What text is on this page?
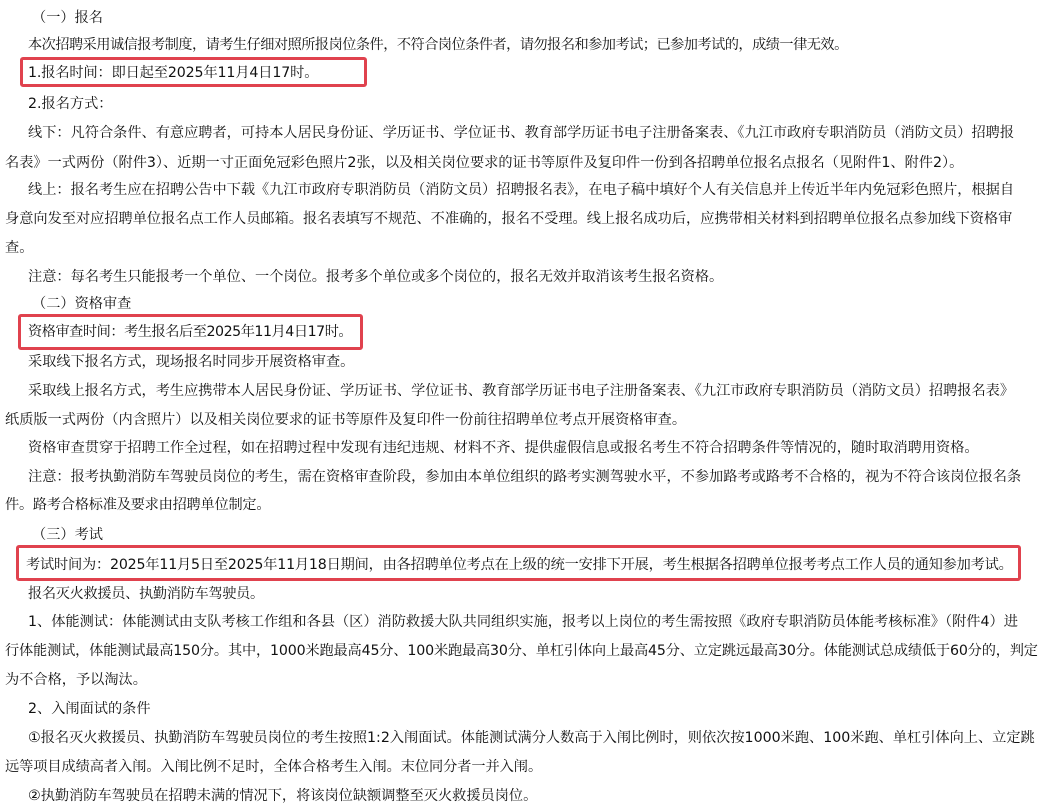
（一）报名
本次招聘采用诚信报考制度，请考生仔细对照所报岗位条件，不符合岗位条件者，请勿报名和参加考试；已参加考试的，成绩一律无效。
1.报名时间：即日起至2025年11月4日17时。
2.报名方式：
线下：凡符合条件、有意应聘者，可持本人居民身份证、学历证书、学位证书、教育部学历证书电子注册备案表、《九江市政府专职消防员（消防文员）招聘报
名表》一式两份（附件3）、近期一寸正面免冠彩色照片2张，以及相关岗位要求的证书等原件及复印件一份到各招聘单位报名点报名（见附件1、附件2）。
线上：报名考生应在招聘公告中下载《九江市政府专职消防员（消防文员）招聘报名表》，在电子稿中填好个人有关信息并上传近半年内免冠彩色照片，根据自
身意向发至对应招聘单位报名点工作人员邮箱。报名表填写不规范、不准确的，报名不受理。线上报名成功后，应携带相关材料到招聘单位报名点参加线下资格审
查。
注意：每名考生只能报考一个单位、一个岗位。报考多个单位或多个岗位的，报名无效并取消该考生报名资格。
（二）资格审查
资格审查时间：考生报名后至2025年11月4日17时。
采取线下报名方式，现场报名时同步开展资格审查。
采取线上报名方式，考生应携带本人居民身份证、学历证书、学位证书、教育部学历证书电子注册备案表、《九江市政府专职消防员（消防文员）招聘报名表》
纸质版一式两份（内含照片）以及相关岗位要求的证书等原件及复印件一份前往招聘单位考点开展资格审查。
资格审查贯穿于招聘工作全过程，如在招聘过程中发现有违纪违规、材料不齐、提供虚假信息或报名考生不符合招聘条件等情况的，随时取消聘用资格。
注意：报考执勤消防车驾驶员岗位的考生，需在资格审查阶段，参加由本单位组织的路考实测驾驶水平，不参加路考或路考不合格的，视为不符合该岗位报名条
件。路考合格标准及要求由招聘单位制定。
（三）考试
考试时间为：2025年11月5日至2025年11月18日期间，由各招聘单位考点在上级的统一安排下开展，考生根据各招聘单位报考考点工作人员的通知参加考试。
报名灭火救援员、执勤消防车驾驶员。
1、体能测试：体能测试由支队考核工作组和各县（区）消防救援大队共同组织实施，报考以上岗位的考生需按照《政府专职消防员体能考核标准》（附件4）进
行体能测试，体能测试最高150分。其中，1000米跑最高45分、100米跑最高30分、单杠引体向上最高45分、立定跳远最高30分。体能测试总成绩低于60分的，判定
为不合格，予以淘汰。
2、入闱面试的条件
①报名灭火救援员、执勤消防车驾驶员岗位的考生按照1:2入闱面试。体能测试满分人数高于入闱比例时，则依次按1000米跑、100米跑、单杠引体向上、立定跳
远等项目成绩高者入闱。入闱比例不足时，全体合格考生入闱。末位同分者一并入闱。
②执勤消防车驾驶员在招聘未满的情况下，将该岗位缺额调整至灭火救援员岗位。
